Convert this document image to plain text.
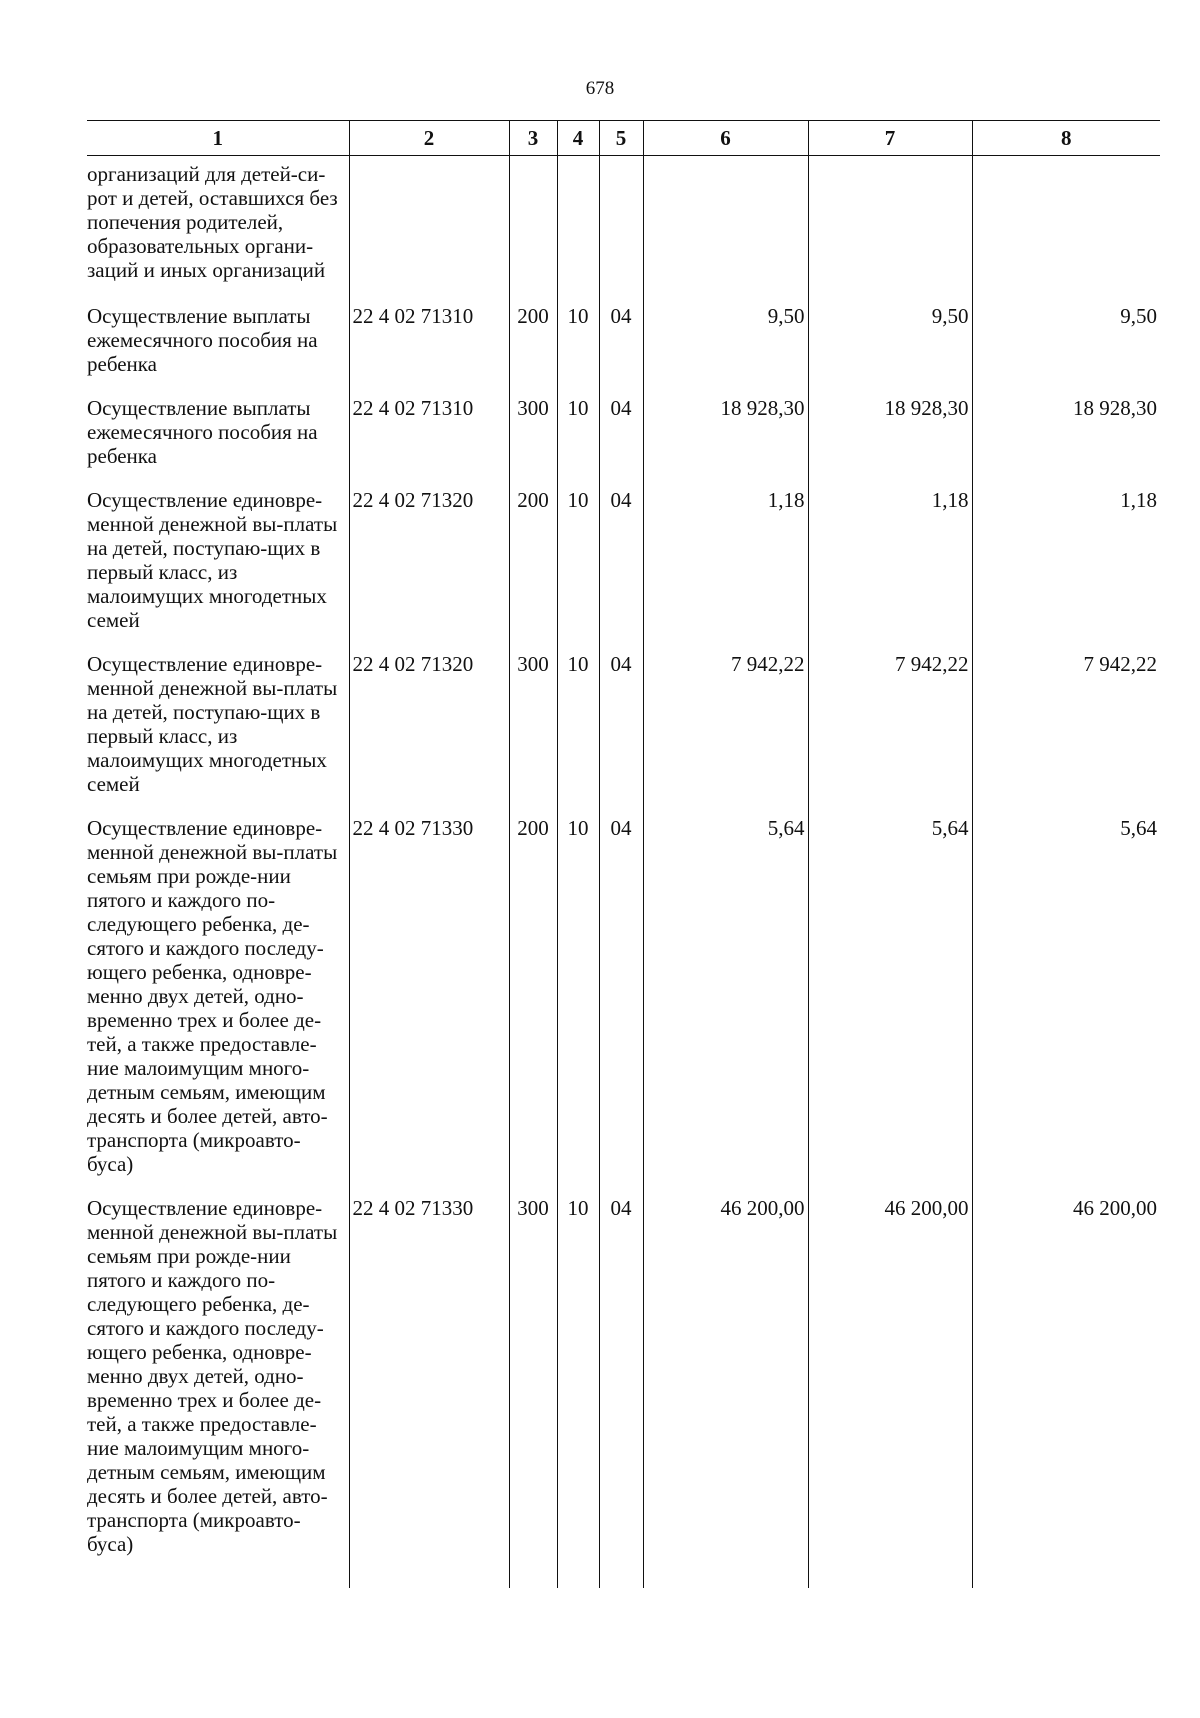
678
1	2	3	4	5	6	7	8
организаций для детей-си-рот и детей, оставшихся без попечения родителей, образовательных органи-заций и иных организаций							
Осуществление выплаты ежемесячного пособия на ребенка	22 4 02 71310	200	10	04	9,50	9,50	9,50
Осуществление выплаты ежемесячного пособия на ребенка	22 4 02 71310	300	10	04	18 928,30	18 928,30	18 928,30
Осуществление единовре-менной денежной вы-платы на детей, поступаю-щих в первый класс, из малоимущих многодетных семей	22 4 02 71320	200	10	04	1,18	1,18	1,18
Осуществление единовре-менной денежной вы-платы на детей, поступаю-щих в первый класс, из малоимущих многодетных семей	22 4 02 71320	300	10	04	7 942,22	7 942,22	7 942,22
Осуществление единовре-менной денежной вы-платы семьям при рожде-нии пятого и каждого по-следующего ребенка, де-сятого и каждого последу-ющего ребенка, одновре-менно двух детей, одно-временно трех и более де-тей, а также предоставле-ние малоимущим много-детным семьям, имеющим десять и более детей, авто-транспорта (микроавто-буса)	22 4 02 71330	200	10	04	5,64	5,64	5,64
Осуществление единовре-менной денежной вы-платы семьям при рожде-нии пятого и каждого по-следующего ребенка, де-сятого и каждого последу-ющего ребенка, одновре-менно двух детей, одно-временно трех и более де-тей, а также предоставле-ние малоимущим много-детным семьям, имеющим десять и более детей, авто-транспорта (микроавто-буса)	22 4 02 71330	300	10	04	46 200,00	46 200,00	46 200,00
